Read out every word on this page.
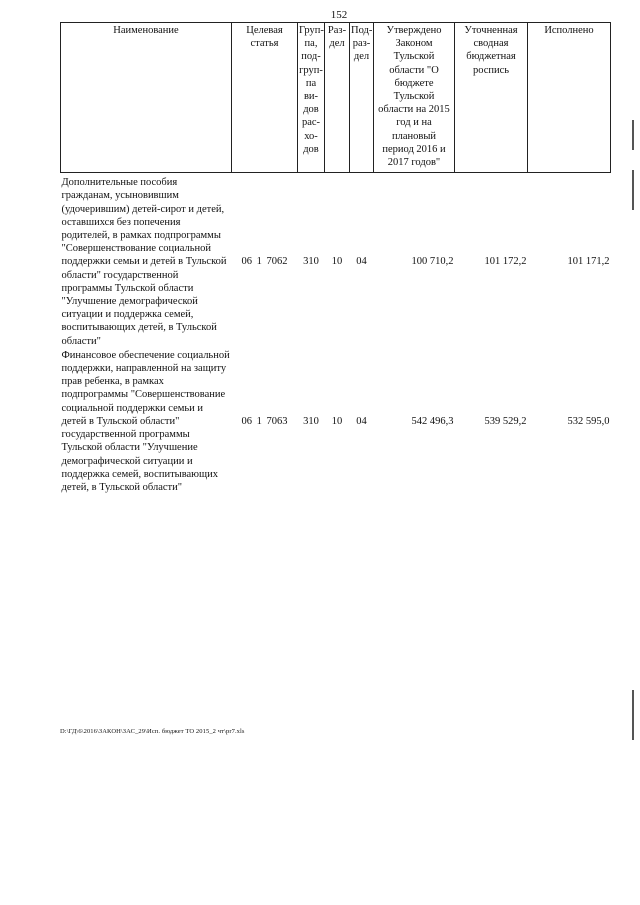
152
Наименование	Целевая статья	Груп-па, под-груп-па ви-дов рас-хо-дов	Раз-дел	Под-раз-дел	Утверждено Законом Тульской области "О бюджете Тульской области на 2015 год и на плановый период 2016 и 2017 годов"	Уточненная сводная бюджетная роспись	Исполнено
Дополнительные пособия гражданам, усыновившим (удочерившим) детей-сирот и детей, оставшихся без попечения родителей, в рамках подпрограммы "Совершенствование социальной поддержки семьи и детей в Тульской области" государственной программы Тульской области "Улучшение демографической ситуации и поддержка семей, воспитывающих детей, в Тульской области"	06 1 7062	310	10	04	100 710,2	101 172,2	101 171,2
Финансовое обеспечение социальной поддержки, направленной на защиту прав ребенка, в рамках подпрограммы "Совершенствование социальной поддержки семьи и детей в Тульской области" государственной программы Тульской области "Улучшение демографической ситуации и поддержка семей, воспитывающих детей, в Тульской области"	06 1 7063	310	10	04	542 496,3	539 529,2	532 595,0
D:\ГД\6\2016\ЗАКОН\ЗАС_29\Исп. бюджет ТО 2015_2 чт\pr7.xls
